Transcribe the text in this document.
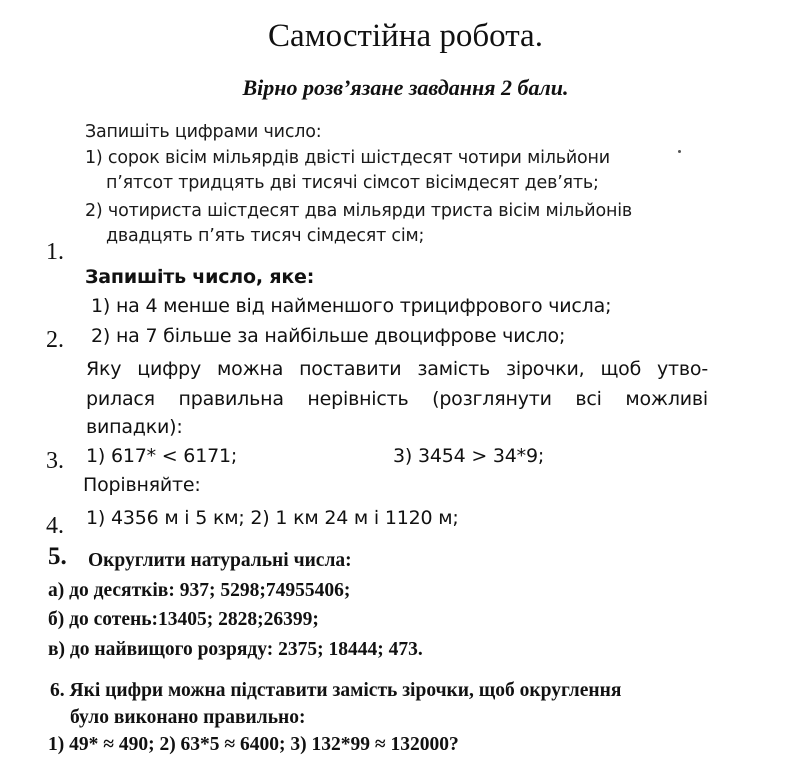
Самостійна робота.
Вірно розв’язане завдання 2 бали.
Запишіть цифрами число:
1) сорок вісім мільярдів двісті шістдесят чотири мільйони
п’ятсот тридцять дві тисячі сімсот вісімдесят дев’ять;
2) чотириста шістдесят два мільярди триста вісім мільйонів
двадцять п’ять тисяч сімдесят сім;
1.
Запишіть число, яке:
1) на 4 менше від найменшого трицифрового числа;
2) на 7 більше за найбільше двоцифрове число;
2.
Яку цифру можна поставити замість зірочки, щоб утво-
рилася правильна нерівність (розглянути всі можливі
випадки):
1) 617* < 6171;	3) 3454 > 34*9;
3.
Порівняйте:
1) 4356 м і 5 км; 2) 1 км 24 м і 1120 м;
4.
5. Округлити натуральні числа:
а) до десятків: 937; 5298;74955406;
б) до сотень:13405; 2828;26399;
в) до найвищого розряду: 2375; 18444; 473.
6. Які цифри можна підставити замість зірочки, щоб округлення
було виконано правильно:
1) 49* ≈ 490; 2) 63*5 ≈ 6400; 3) 132*99 ≈ 132000?
